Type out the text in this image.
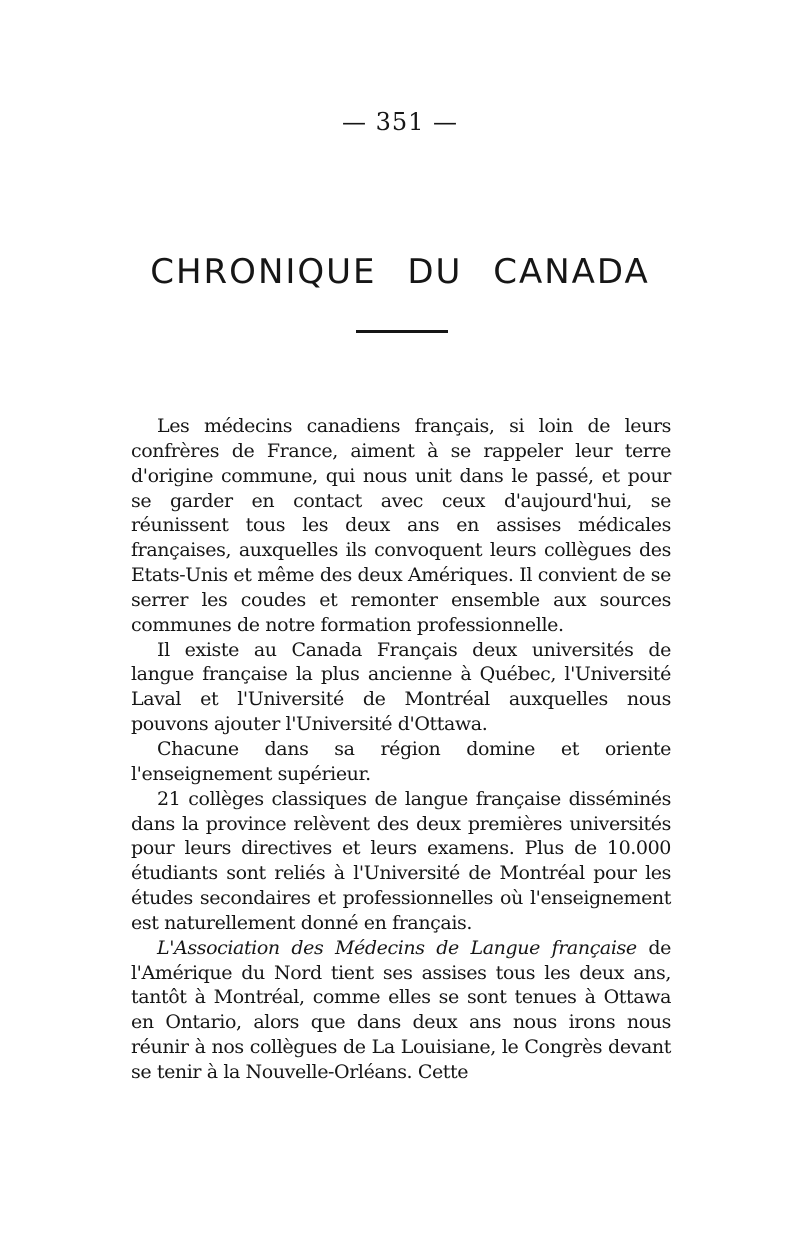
— 351 —
CHRONIQUE DU CANADA

Les médecins canadiens français, si loin de leurs confrères de France, aiment à se rappeler leur terre d'origine commune, qui nous unit dans le passé, et pour se garder en contact avec ceux d'aujourd'hui, se réunissent tous les deux ans en assises médicales françaises, auxquelles ils convoquent leurs collègues des Etats-Unis et même des deux Amériques. Il convient de se serrer les coudes et remonter ensemble aux sources communes de notre formation professionnelle.

Il existe au Canada Français deux universités de langue française la plus ancienne à Québec, l'Université Laval et l'Université de Montréal auxquelles nous pouvons ajouter l'Université d'Ottawa.

Chacune dans sa région domine et oriente l'enseignement supérieur.

21 collèges classiques de langue française disséminés dans la province relèvent des deux premières universités pour leurs directives et leurs examens. Plus de 10.000 étudiants sont reliés à l'Université de Montréal pour les études secondaires et professionnelles où l'enseignement est naturellement donné en français.

L'Association des Médecins de Langue française de l'Amérique du Nord tient ses assises tous les deux ans, tantôt à Montréal, comme elles se sont tenues à Ottawa en Ontario, alors que dans deux ans nous irons nous réunir à nos collègues de La Louisiane, le Congrès devant se tenir à la Nouvelle-Orléans. Cette
